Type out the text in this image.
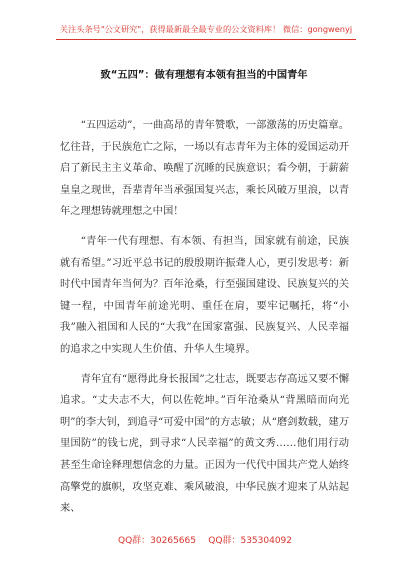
关注头条号"公文研究"，获得最新最全最专业的公文资料库！ 微信：gongwenyj
致“五四”：做有理想有本领有担当的中国青年

“五四运动”，一曲高昂的青年赞歌，一部激荡的历史篇章。忆往昔，于民族危亡之际，一场以有志青年为主体的爱国运动开启了新民主主义革命、唤醒了沉睡的民族意识；看今朝，于薪薪皇皇之现世，吾辈青年当承强国复兴志，乘长风破万里浪，以青年之理想铸就理想之中国！

“青年一代有理想、有本领、有担当，国家就有前途，民族就有希望。”习近平总书记的殷殷期许振聋人心，更引发思考：新时代中国青年当何为？百年沧桑，行至强国建设、民族复兴的关键一程，中国青年前途光明、重任在肩，要牢记嘱托，将“小我”融入祖国和人民的“大我”在国家富强、民族复兴、人民幸福的追求之中实现人生价值、升华人生境界。

青年宜有“愿得此身长报国”之壮志，既要志存高远又要不懈追求。“丈夫志不大，何以佐乾坤。”百年沧桑从“背黑暗而向光明”的李大钊，到追寻“可爱中国”的方志敏；从“磨剑数载，建万里国防”的钱七虎，到寻求“人民幸福”的黄文秀……他们用行动甚至生命诠释理想信念的力量。正因为一代代中国共产党人始终高擎党的旗帜，攻坚克难、乘风破浪，中华民族才迎来了从站起来、

QQ群：30265665 QQ群：535304092
